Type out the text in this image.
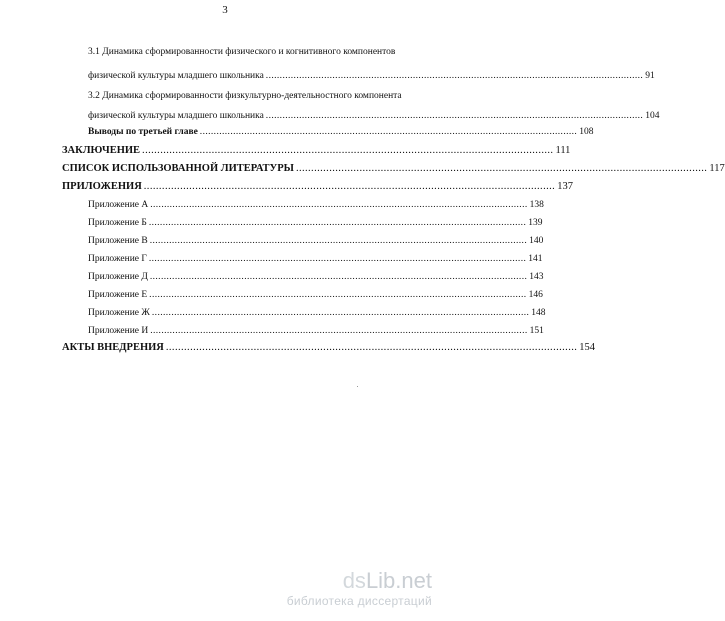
3
3.1 Динамика сформированности физического и когнитивного компонентов
физической культуры младшего школьника ........................................................................................................................................ 91
3.2 Динамика сформированности физкультурно-деятельностного компонента
физической культуры младшего школьника ........................................................................................................................................ 104
Выводы по третьей главе ........................................................................................................................................ 108
ЗАКЛЮЧЕНИЕ ........................................................................................................................................ 111
СПИСОК ИСПОЛЬЗОВАННОЙ ЛИТЕРАТУРЫ ........................................................................................................................................ 117
ПРИЛОЖЕНИЯ ........................................................................................................................................ 137
Приложение А ........................................................................................................................................ 138
Приложение Б ........................................................................................................................................ 139
Приложение В ........................................................................................................................................ 140
Приложение Г ........................................................................................................................................ 141
Приложение Д ........................................................................................................................................ 143
Приложение Е ........................................................................................................................................ 146
Приложение Ж ........................................................................................................................................ 148
Приложение И ........................................................................................................................................ 151
АКТЫ ВНЕДРЕНИЯ ........................................................................................................................................ 154
dsLib.net
библиотека диссертаций
